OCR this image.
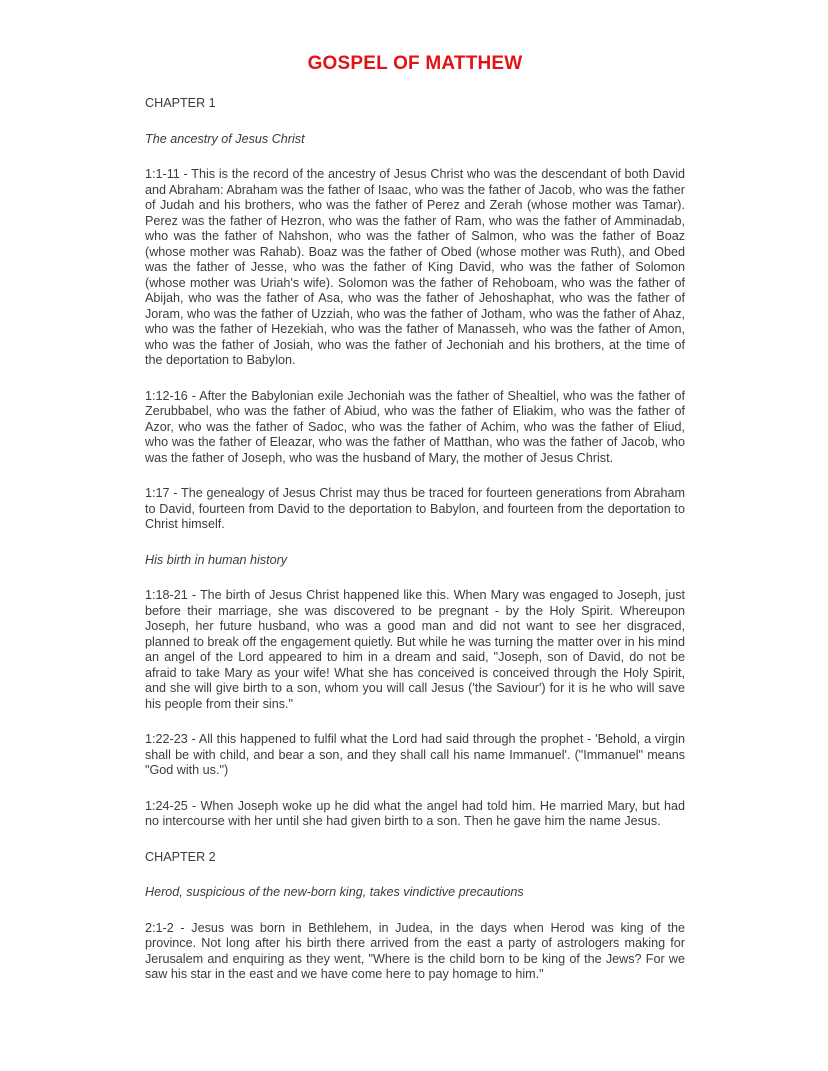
GOSPEL OF MATTHEW
CHAPTER 1
The ancestry of Jesus Christ
1:1-11 - This is the record of the ancestry of Jesus Christ who was the descendant of both David and Abraham: Abraham was the father of Isaac, who was the father of Jacob, who was the father of Judah and his brothers, who was the father of Perez and Zerah (whose mother was Tamar). Perez was the father of Hezron, who was the father of Ram, who was the father of Amminadab, who was the father of Nahshon, who was the father of Salmon, who was the father of Boaz (whose mother was Rahab). Boaz was the father of Obed (whose mother was Ruth), and Obed was the father of Jesse, who was the father of King David, who was the father of Solomon (whose mother was Uriah's wife). Solomon was the father of Rehoboam, who was the father of Abijah, who was the father of Asa, who was the father of Jehoshaphat, who was the father of Joram, who was the father of Uzziah, who was the father of Jotham, who was the father of Ahaz, who was the father of Hezekiah, who was the father of Manasseh, who was the father of Amon, who was the father of Josiah, who was the father of Jechoniah and his brothers, at the time of the deportation to Babylon.
1:12-16 - After the Babylonian exile Jechoniah was the father of Shealtiel, who was the father of Zerubbabel, who was the father of Abiud, who was the father of Eliakim, who was the father of Azor, who was the father of Sadoc, who was the father of Achim, who was the father of Eliud, who was the father of Eleazar, who was the father of Matthan, who was the father of Jacob, who was the father of Joseph, who was the husband of Mary, the mother of Jesus Christ.
1:17 - The genealogy of Jesus Christ may thus be traced for fourteen generations from Abraham to David, fourteen from David to the deportation to Babylon, and fourteen from the deportation to Christ himself.
His birth in human history
1:18-21 - The birth of Jesus Christ happened like this. When Mary was engaged to Joseph, just before their marriage, she was discovered to be pregnant - by the Holy Spirit. Whereupon Joseph, her future husband, who was a good man and did not want to see her disgraced, planned to break off the engagement quietly. But while he was turning the matter over in his mind an angel of the Lord appeared to him in a dream and said, "Joseph, son of David, do not be afraid to take Mary as your wife! What she has conceived is conceived through the Holy Spirit, and she will give birth to a son, whom you will call Jesus ('the Saviour') for it is he who will save his people from their sins."
1:22-23 - All this happened to fulfil what the Lord had said through the prophet - 'Behold, a virgin shall be with child, and bear a son, and they shall call his name Immanuel'. ("Immanuel" means "God with us.")
1:24-25 - When Joseph woke up he did what the angel had told him. He married Mary, but had no intercourse with her until she had given birth to a son. Then he gave him the name Jesus.
CHAPTER 2
Herod, suspicious of the new-born king, takes vindictive precautions
2:1-2 - Jesus was born in Bethlehem, in Judea, in the days when Herod was king of the province. Not long after his birth there arrived from the east a party of astrologers making for Jerusalem and enquiring as they went, "Where is the child born to be king of the Jews? For we saw his star in the east and we have come here to pay homage to him."
